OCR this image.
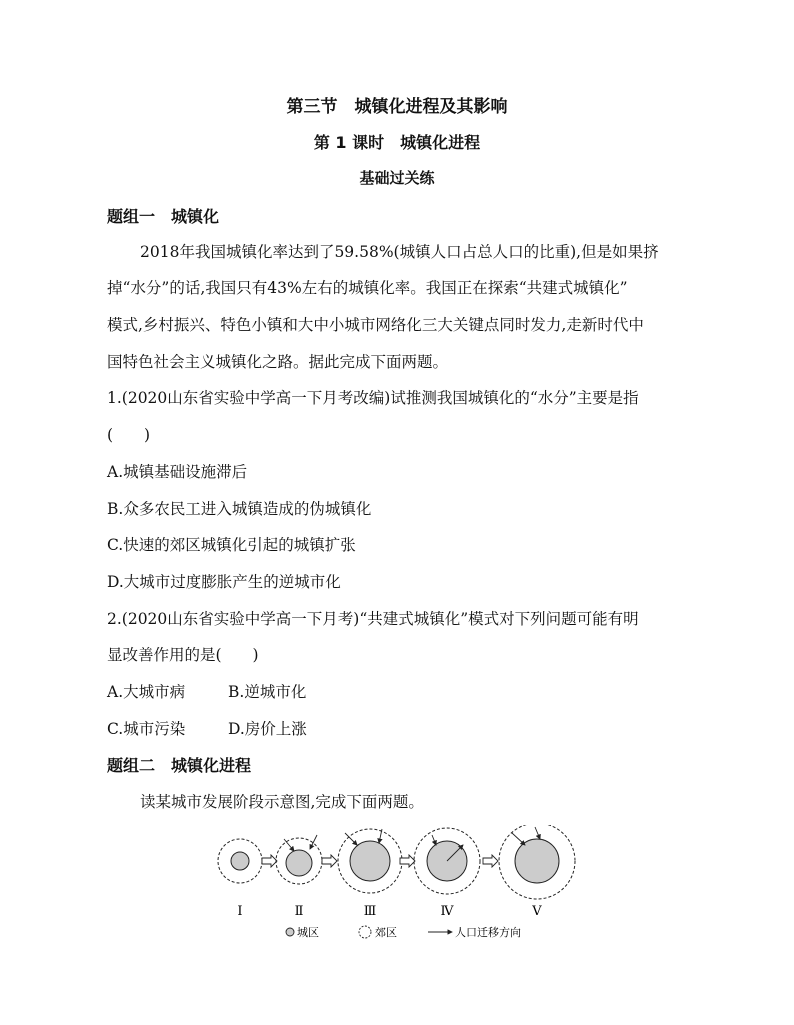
第三节　城镇化进程及其影响
第 1 课时　城镇化进程
基础过关练
题组一　城镇化
2018年我国城镇化率达到了59.58%(城镇人口占总人口的比重),但是如果挤
掉“水分”的话,我国只有43%左右的城镇化率。我国正在探索“共建式城镇化”
模式,乡村振兴、特色小镇和大中小城市网络化三大关键点同时发力,走新时代中
国特色社会主义城镇化之路。据此完成下面两题。
1.(2020山东省实验中学高一下月考改编)试推测我国城镇化的“水分”主要是指
(　　)
A.城镇基础设施滞后
B.众多农民工进入城镇造成的伪城镇化
C.快速的郊区城镇化引起的城镇扩张
D.大城市过度膨胀产生的逆城市化
2.(2020山东省实验中学高一下月考)“共建式城镇化”模式对下列问题可能有明
显改善作用的是(　　)
A.大城市病	B.逆城市化
C.城市污染	D.房价上涨
题组二　城镇化进程
读某城市发展阶段示意图,完成下面两题。
Ⅰ	Ⅱ	Ⅲ	Ⅳ	Ⅴ
城区	郊区	人口迁移方向
